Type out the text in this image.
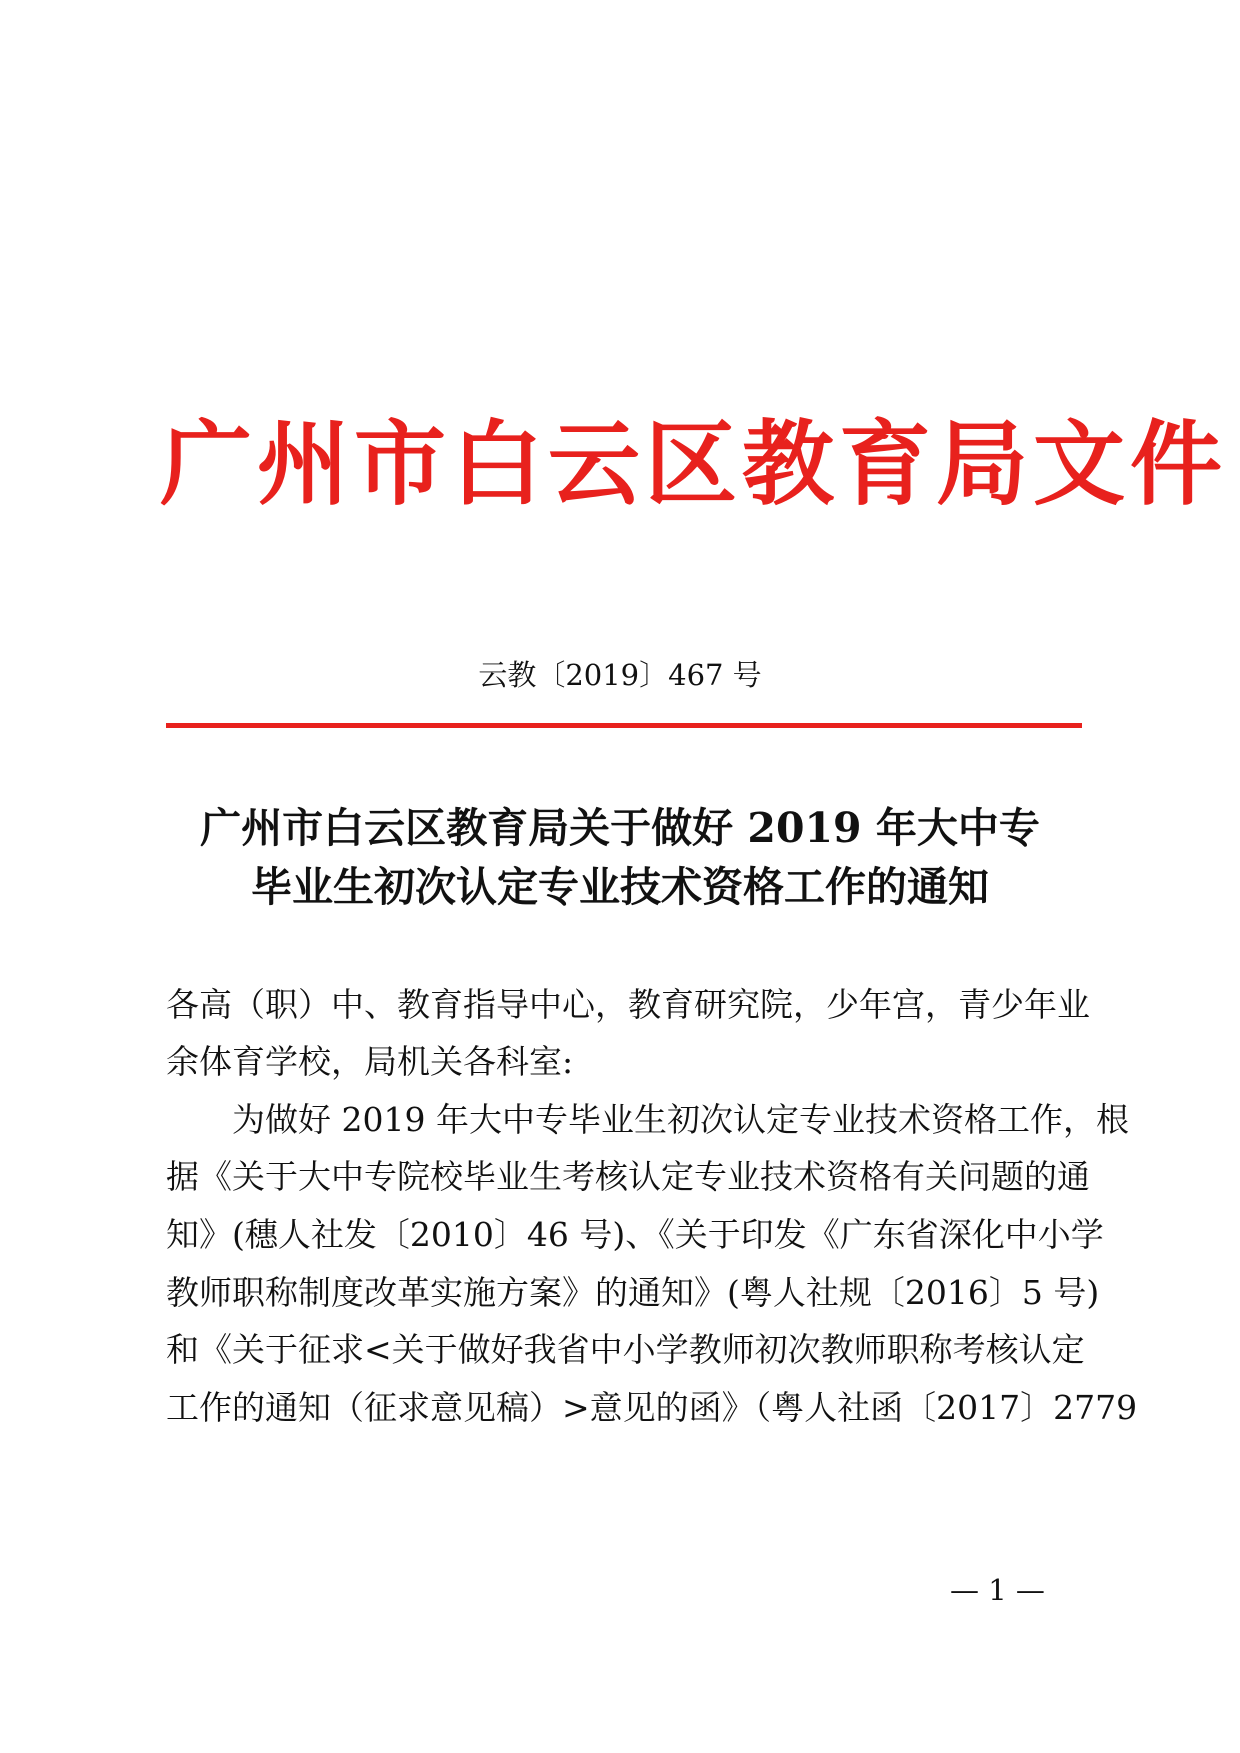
广州市白云区教育局文件
云教〔2019〕467 号
广州市白云区教育局关于做好 2019 年大中专
毕业生初次认定专业技术资格工作的通知
各高（职）中、教育指导中心，教育研究院，少年宫，青少年业
余体育学校，局机关各科室:
　　为做好 2019 年大中专毕业生初次认定专业技术资格工作，根
据《关于大中专院校毕业生考核认定专业技术资格有关问题的通
知》(穗人社发〔2010〕46 号)、《关于印发《广东省深化中小学
教师职称制度改革实施方案》的通知》(粤人社规〔2016〕5 号)
和《关于征求<关于做好我省中小学教师初次教师职称考核认定
工作的通知（征求意见稿）>意见的函》（粤人社函〔2017〕2779
— 1 —
